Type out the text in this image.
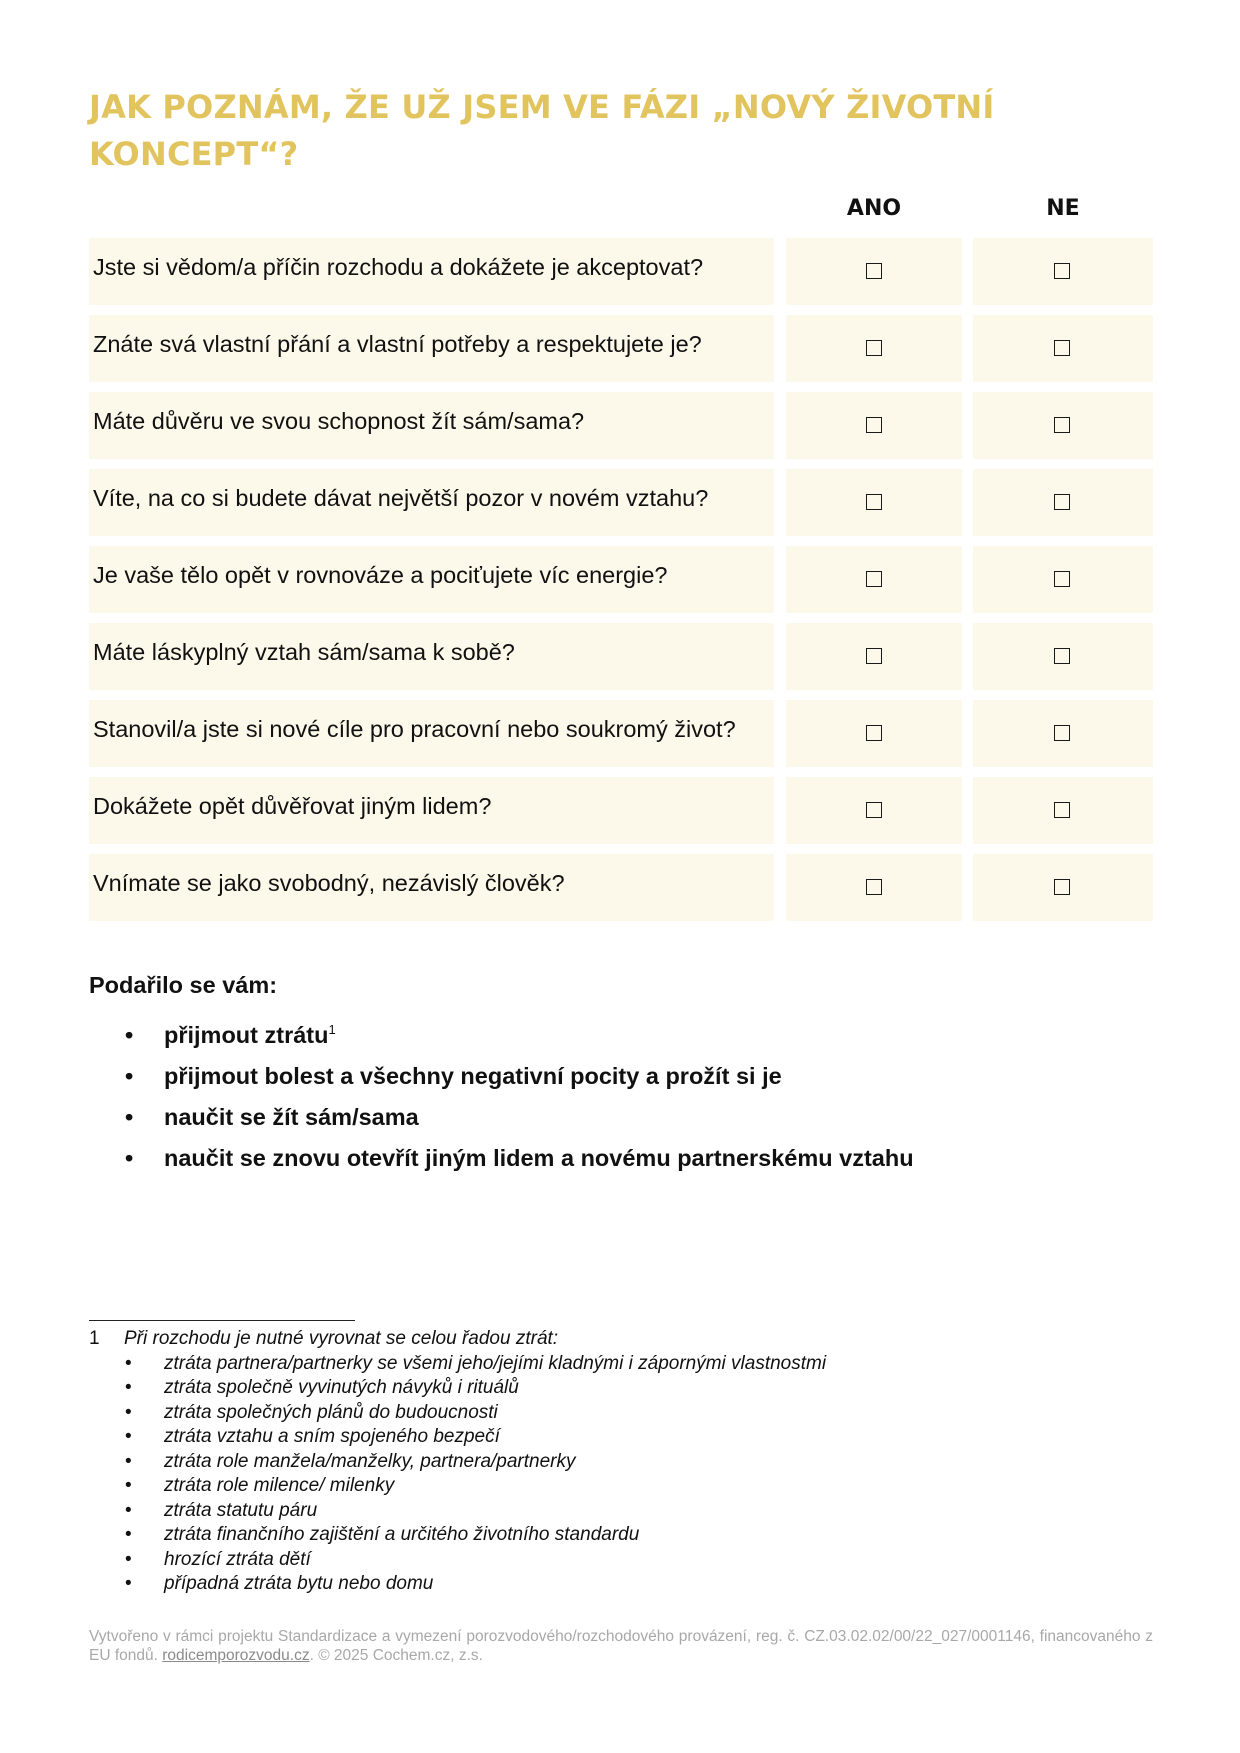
JAK POZNÁM, ŽE UŽ JSEM VE FÁZI „NOVÝ ŽIVOTNÍ KONCEPT“?
ANO	NE
Jste si vědom/a příčin rozchodu a dokážete je akceptovat?
Znáte svá vlastní přání a vlastní potřeby a respektujete je?
Máte důvěru ve svou schopnost žít sám/sama?
Víte, na co si budete dávat největší pozor v novém vztahu?
Je vaše tělo opět v rovnováze a pociťujete víc energie?
Máte láskyplný vztah sám/sama k sobě?
Stanovil/a jste si nové cíle pro pracovní nebo soukromý život?
Dokážete opět důvěřovat jiným lidem?
Vnímate se jako svobodný, nezávislý člověk?
Podařilo se vám:
• přijmout ztrátu$^1$
• přijmout bolest a všechny negativní pocity a prožít si je
• naučit se žít sám/sama
• naučit se znovu otevřít jiným lidem a novému partnerskému vztahu
1 Při rozchodu je nutné vyrovnat se celou řadou ztrát:
• ztráta partnera/partnerky se všemi jeho/jejími kladnými i zápornými vlastnostmi
• ztráta společně vyvinutých návyků i rituálů
• ztráta společných plánů do budoucnosti
• ztráta vztahu a sním spojeného bezpečí
• ztráta role manžela/manželky, partnera/partnerky
• ztráta role milence/ milenky
• ztráta statutu páru
• ztráta finančního zajištění a určitého životního standardu
• hrozící ztráta dětí
• případná ztráta bytu nebo domu
Vytvořeno v rámci projektu Standardizace a vymezení porozvodového/rozchodového provázení, reg. č. CZ.03.02.02/00/22_027/0001146, financovaného z EU fondů. rodicemporozvodu.cz. © 2025 Cochem.cz, z.s.
